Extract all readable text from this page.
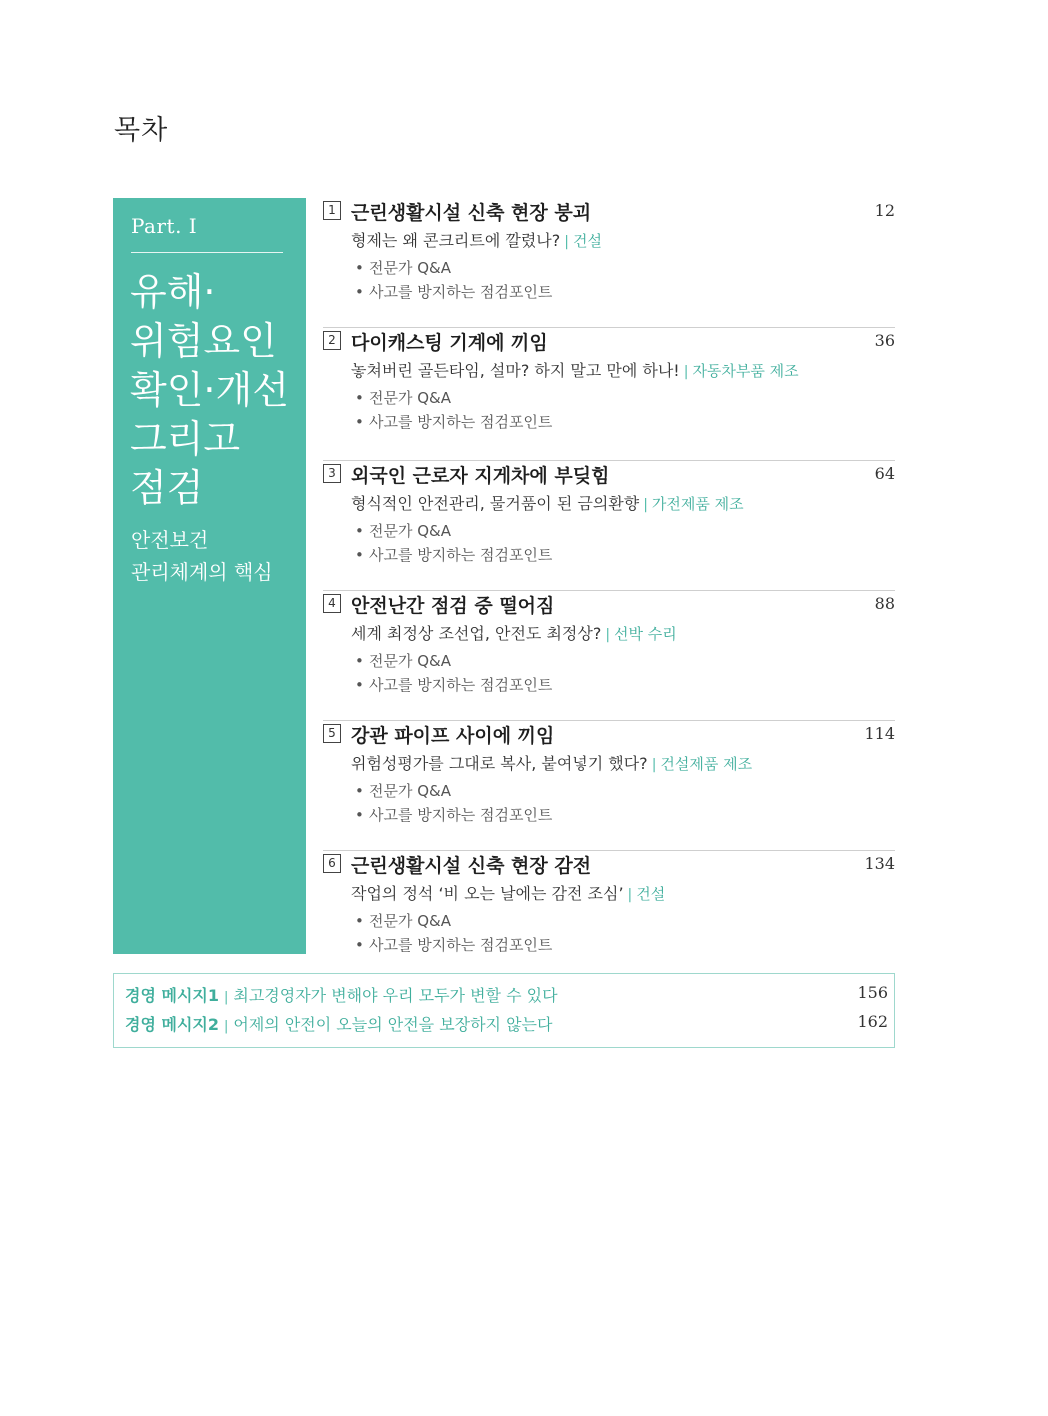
목차
Part. I
유해·
위험요인
확인·개선
그리고
점검
안전보건
관리체계의 핵심
1 근린생활시설 신축 현장 붕괴	12
형제는 왜 콘크리트에 깔렸나? | 건설
• 전문가 Q&A
• 사고를 방지하는 점검포인트
2 다이캐스팅 기계에 끼임	36
놓쳐버린 골든타임, 설마? 하지 말고 만에 하나! | 자동차부품 제조
• 전문가 Q&A
• 사고를 방지하는 점검포인트
3 외국인 근로자 지게차에 부딪힘	64
형식적인 안전관리, 물거품이 된 금의환향 | 가전제품 제조
• 전문가 Q&A
• 사고를 방지하는 점검포인트
4 안전난간 점검 중 떨어짐	88
세계 최정상 조선업, 안전도 최정상? | 선박 수리
• 전문가 Q&A
• 사고를 방지하는 점검포인트
5 강관 파이프 사이에 끼임	114
위험성평가를 그대로 복사, 붙여넣기 했다? | 건설제품 제조
• 전문가 Q&A
• 사고를 방지하는 점검포인트
6 근린생활시설 신축 현장 감전	134
작업의 정석 ‘비 오는 날에는 감전 조심’ | 건설
• 전문가 Q&A
• 사고를 방지하는 점검포인트
경영 메시지1 | 최고경영자가 변해야 우리 모두가 변할 수 있다	156
경영 메시지2 | 어제의 안전이 오늘의 안전을 보장하지 않는다	162
